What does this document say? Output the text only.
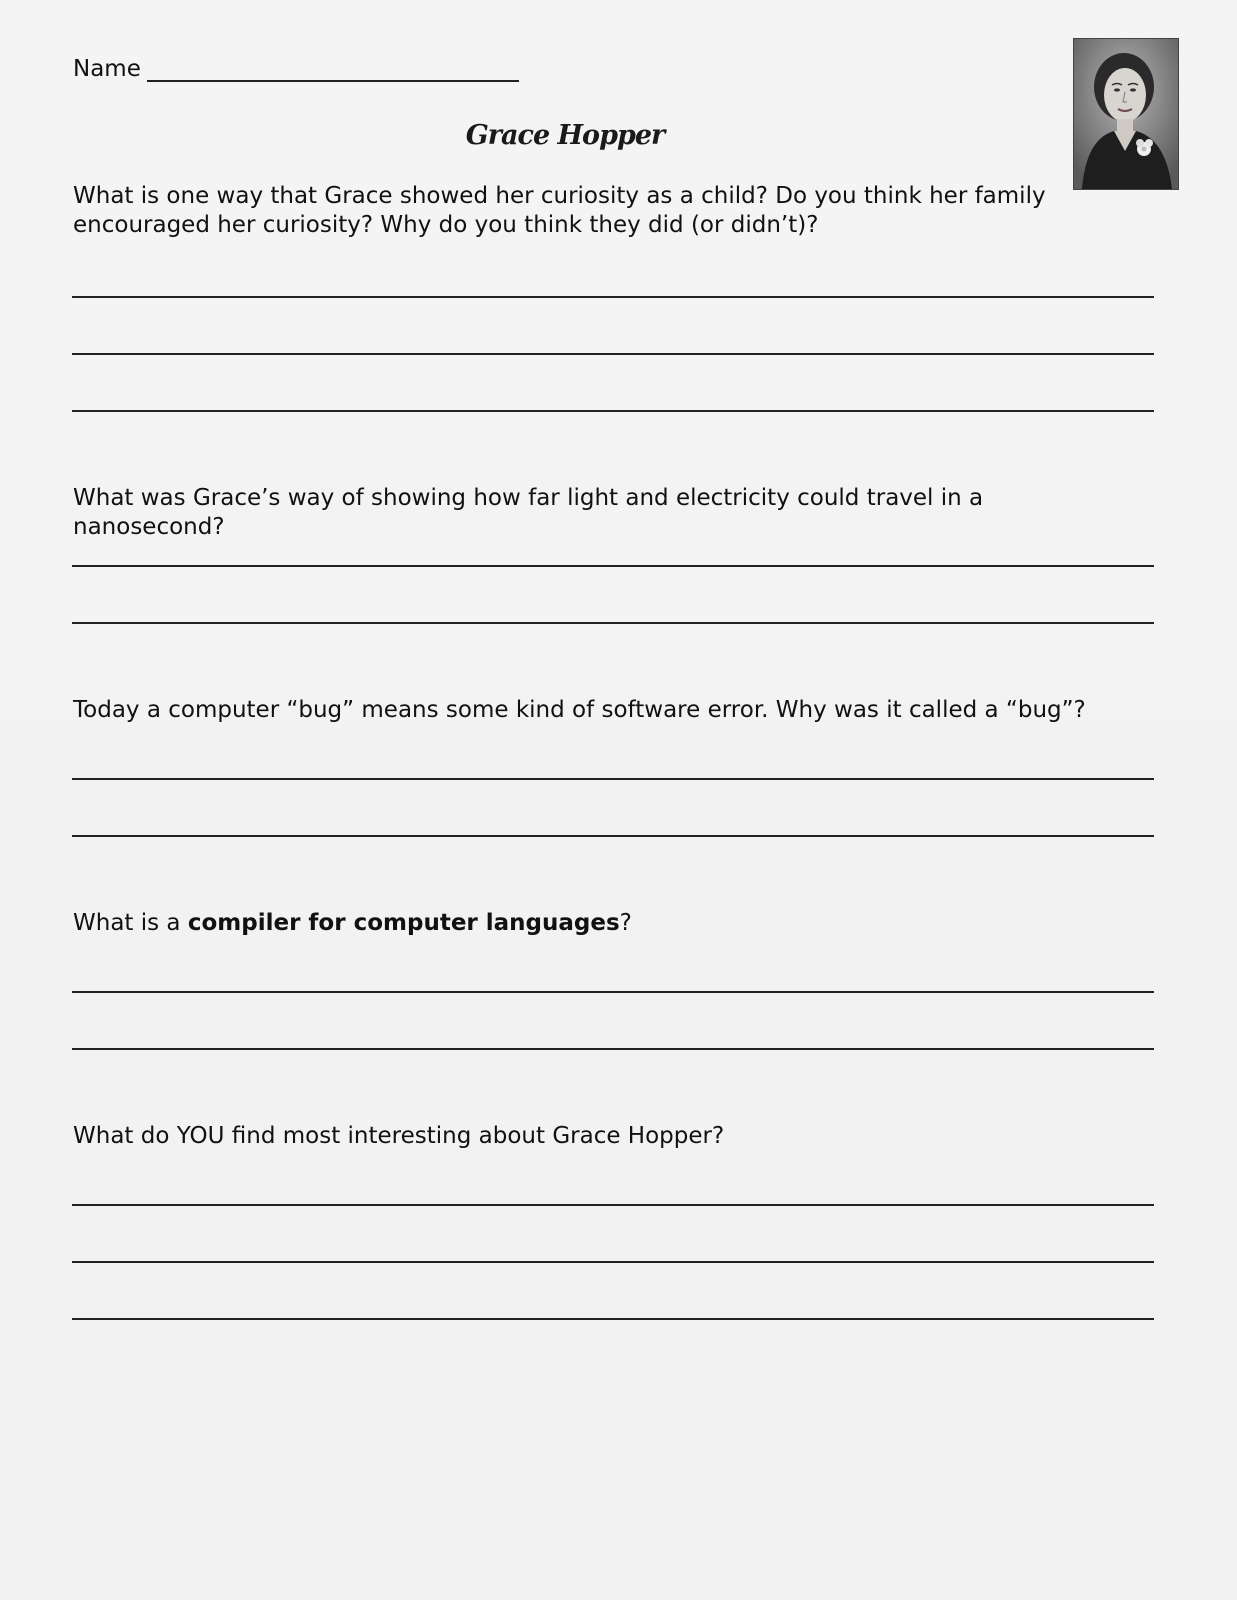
Name
Grace Hopper
What is one way that Grace showed her curiosity as a child? Do you think her family encouraged her curiosity? Why do you think they did (or didn’t)?
What was Grace’s way of showing how far light and electricity could travel in a nanosecond?
Today a computer “bug” means some kind of software error. Why was it called a “bug”?
What is a compiler for computer languages?
What do YOU find most interesting about Grace Hopper?
